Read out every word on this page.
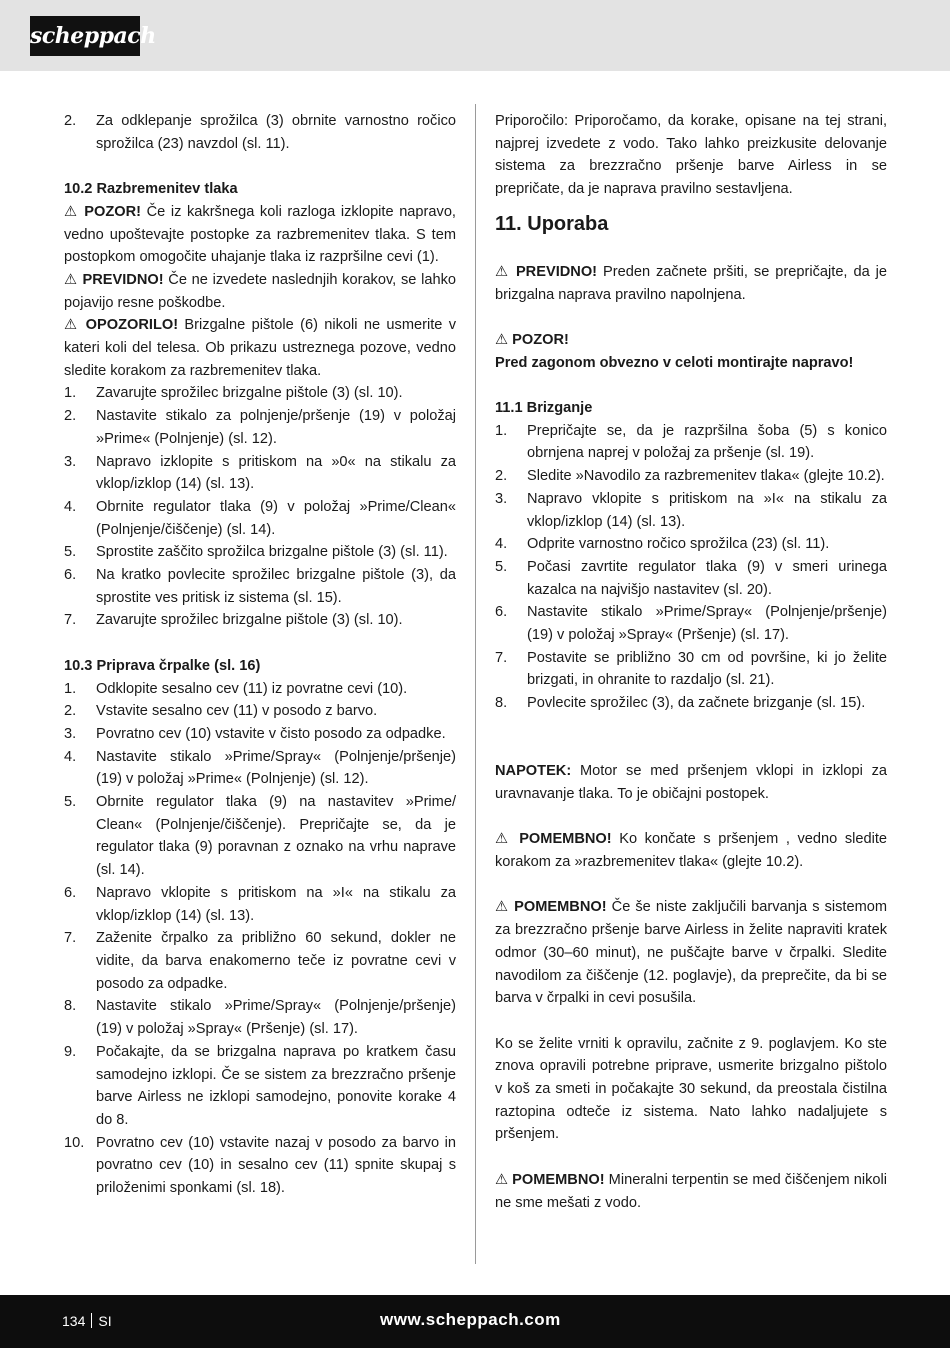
scheppach
2.	Za odklepanje sprožilca (3) obrnite varnostno ročico sprožilca (23) navzdol (sl. 11).

10.2 Razbremenitev tlaka

⚠ POZOR! Če iz kakršnega koli razloga izklopite napravo, vedno upoštevajte postopke za razbremenitev tlaka. S tem postopkom omogočite uhajanje tlaka iz razpršilne cevi (1).

⚠ PREVIDNO! Če ne izvedete naslednjih korakov, se lahko pojavijo resne poškodbe.

⚠ OPOZORILO! Brizgalne pištole (6) nikoli ne usmerite v kateri koli del telesa. Ob prikazu ustreznega pozove, vedno sledite korakom za razbremenitev tlaka.

1.	Zavarujte sprožilec brizgalne pištole (3) (sl. 10).
2.	Nastavite stikalo za polnjenje/pršenje (19) v položaj »Prime« (Polnjenje) (sl. 12).
3.	Napravo izklopite s pritiskom na »0« na stikalu za vklop/izklop (14) (sl. 13).
4.	Obrnite regulator tlaka (9) v položaj »Prime/Clean« (Polnjenje/čiščenje) (sl. 14).
5.	Sprostite zaščito sprožilca brizgalne pištole (3) (sl. 11).
6.	Na kratko povlecite sprožilec brizgalne pištole (3), da sprostite ves pritisk iz sistema (sl. 15).
7.	Zavarujte sprožilec brizgalne pištole (3) (sl. 10).

10.3 Priprava črpalke (sl. 16)

1.	Odklopite sesalno cev (11) iz povratne cevi (10).
2.	Vstavite sesalno cev (11) v posodo z barvo.
3.	Povratno cev (10) vstavite v čisto posodo za odpadke.
4.	Nastavite stikalo »Prime/Spray« (Polnjenje/pršenje) (19) v položaj »Prime« (Polnjenje) (sl. 12).
5.	Obrnite regulator tlaka (9) na nastavitev »Prime/ Clean« (Polnjenje/čiščenje). Prepričajte se, da je regulator tlaka (9) poravnan z oznako na vrhu naprave (sl. 14).
6.	Napravo vklopite s pritiskom na »I« na stikalu za vklop/izklop (14) (sl. 13).
7.	Zaženite črpalko za približno 60 sekund, dokler ne vidite, da barva enakomerno teče iz povratne cevi v posodo za odpadke.
8.	Nastavite stikalo »Prime/Spray« (Polnjenje/pršenje) (19) v položaj »Spray« (Pršenje) (sl. 17).
9.	Počakajte, da se brizgalna naprava po kratkem času samodejno izklopi. Če se sistem za brezzračno pršenje barve Airless ne izklopi samodejno, ponovite korake 4 do 8.
10. Povratno cev (10) vstavite nazaj v posodo za barvo in povratno cev (10) in sesalno cev (11) spnite skupaj s priloženimi sponkami (sl. 18).

Priporočilo: Priporočamo, da korake, opisane na tej strani, najprej izvedete z vodo. Tako lahko preizkusite delovanje sistema za brezzračno pršenje barve Airless in se prepričate, da je naprava pravilno sestavljena.

11. Uporaba

⚠ PREVIDNO! Preden začnete pršiti, se prepričajte, da je brizgalna naprava pravilno napolnjena.

⚠ POZOR!

Pred zagonom obvezno v celoti montirajte napravo!

11.1 Brizganje

1.	Prepričajte se, da je razpršilna šoba (5) s konico obrnjena naprej v položaj za pršenje (sl. 19).
2.	Sledite »Navodilo za razbremenitev tlaka« (glejte 10.2).
3.	Napravo vklopite s pritiskom na »I« na stikalu za vklop/izklop (14) (sl. 13).
4.	Odprite varnostno ročico sprožilca (23) (sl. 11).
5.	Počasi zavrtite regulator tlaka (9) v smeri urinega kazalca na najvišjo nastavitev (sl. 20).
6.	Nastavite stikalo »Prime/Spray« (Polnjenje/pršenje) (19) v položaj »Spray« (Pršenje) (sl. 17).
7.	Postavite se približno 30 cm od površine, ki jo želite brizgati, in ohranite to razdaljo (sl. 21).
8.	Povlecite sprožilec (3), da začnete brizganje (sl. 15).

NAPOTEK: Motor se med pršenjem vklopi in izklopi za uravnavanje tlaka. To je običajni postopek.

⚠ POMEMBNO! Ko končate s pršenjem , vedno sledite korakom za »razbremenitev tlaka« (glejte 10.2).

⚠ POMEMBNO! Če še niste zaključili barvanja s sistemom za brezzračno pršenje barve Airless in želite napraviti kratek odmor (30–60 minut), ne puščajte barve v črpalki. Sledite navodilom za čiščenje (12. poglavje), da preprečite, da bi se barva v črpalki in cevi posušila.

Ko se želite vrniti k opravilu, začnite z 9. poglavjem. Ko ste znova opravili potrebne priprave, usmerite brizgalno pištolo v koš za smeti in počakajte 30 sekund, da preostala čistilna raztopina odteče iz sistema. Nato lahko nadaljujete s pršenjem.

⚠ POMEMBNO! Mineralni terpentin se med čiščenjem nikoli ne sme mešati z vodo.

134 SI	www.scheppach.com
